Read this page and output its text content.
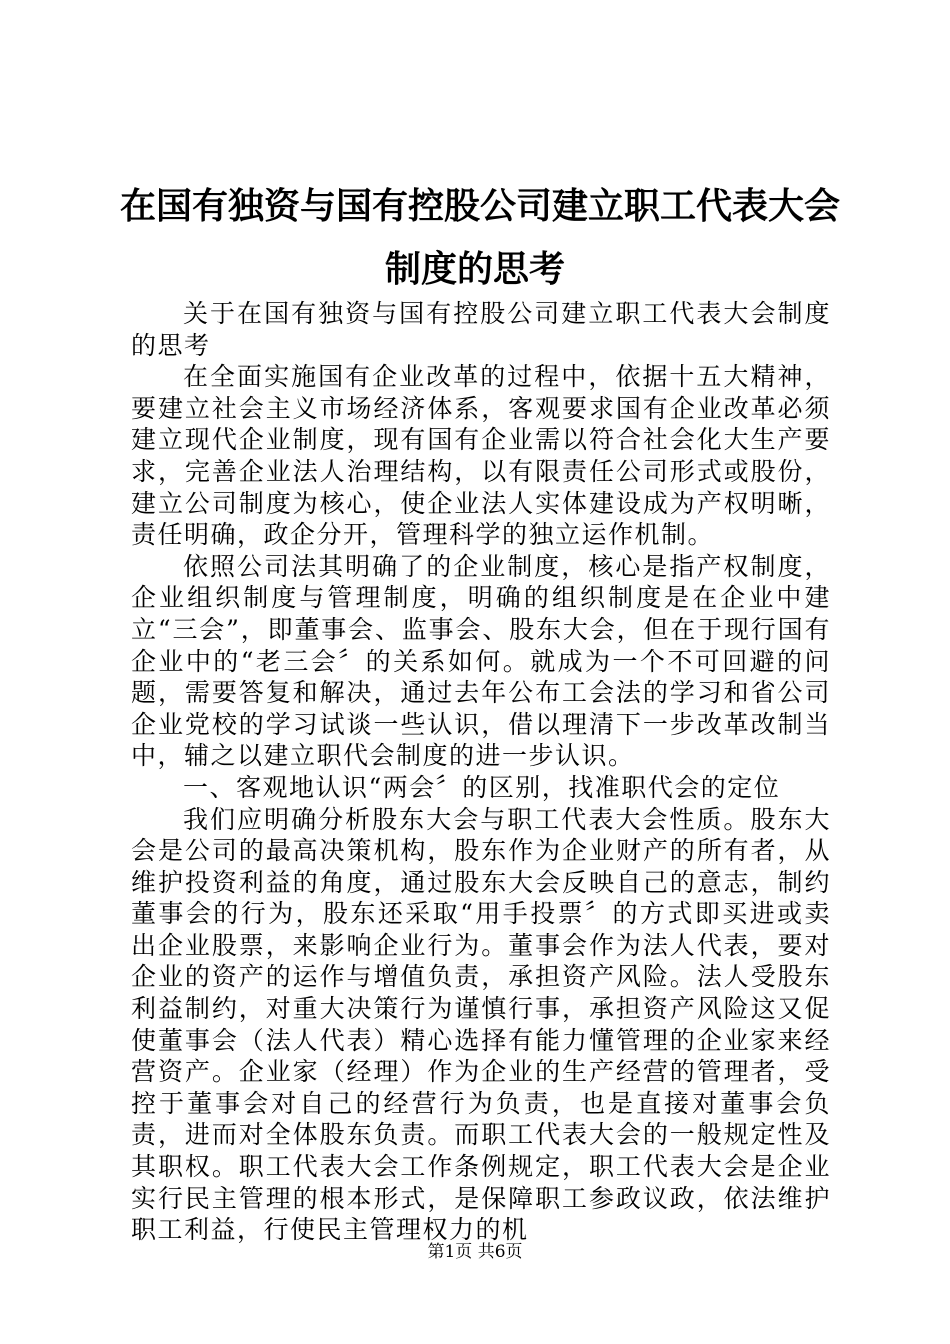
在国有独资与国有控股公司建立职工代表大会
制度的思考

关于在国有独资与国有控股公司建立职工代表大会制度的思考

在全面实施国有企业改革的过程中，依据十五大精神，要建立社会主义市场经济体系，客观要求国有企业改革必须建立现代企业制度，现有国有企业需以符合社会化大生产要求，完善企业法人治理结构，以有限责任公司形式或股份，建立公司制度为核心，使企业法人实体建设成为产权明晰，责任明确，政企分开，管理科学的独立运作机制。

依照公司法其明确了的企业制度，核心是指产权制度，企业组织制度与管理制度，明确的组织制度是在企业中建立“三会”，即董事会、监事会、股东大会，但在于现行国有企业中的“老三会〞的关系如何。就成为一个不可回避的问题，需要答复和解决，通过去年公布工会法的学习和省公司企业党校的学习试谈一些认识，借以理清下一步改革改制当中，辅之以建立职代会制度的进一步认识。

一、客观地认识“两会〞的区别，找准职代会的定位

我们应明确分析股东大会与职工代表大会性质。股东大会是公司的最高决策机构，股东作为企业财产的所有者，从维护投资利益的角度，通过股东大会反映自己的意志，制约董事会的行为，股东还采取“用手投票〞的方式即买进或卖出企业股票，来影响企业行为。董事会作为法人代表，要对企业的资产的运作与增值负责，承担资产风险。法人受股东利益制约，对重大决策行为谨慎行事，承担资产风险这又促使董事会（法人代表）精心选择有能力懂管理的企业家来经营资产。企业家（经理）作为企业的生产经营的管理者，受控于董事会对自己的经营行为负责，也是直接对董事会负责，进而对全体股东负责。而职工代表大会的一般规定性及其职权。职工代表大会工作条例规定，职工代表大会是企业实行民主管理的根本形式，是保障职工参政议政，依法维护职工利益，行使民主管理权力的机

第1页 共6页
